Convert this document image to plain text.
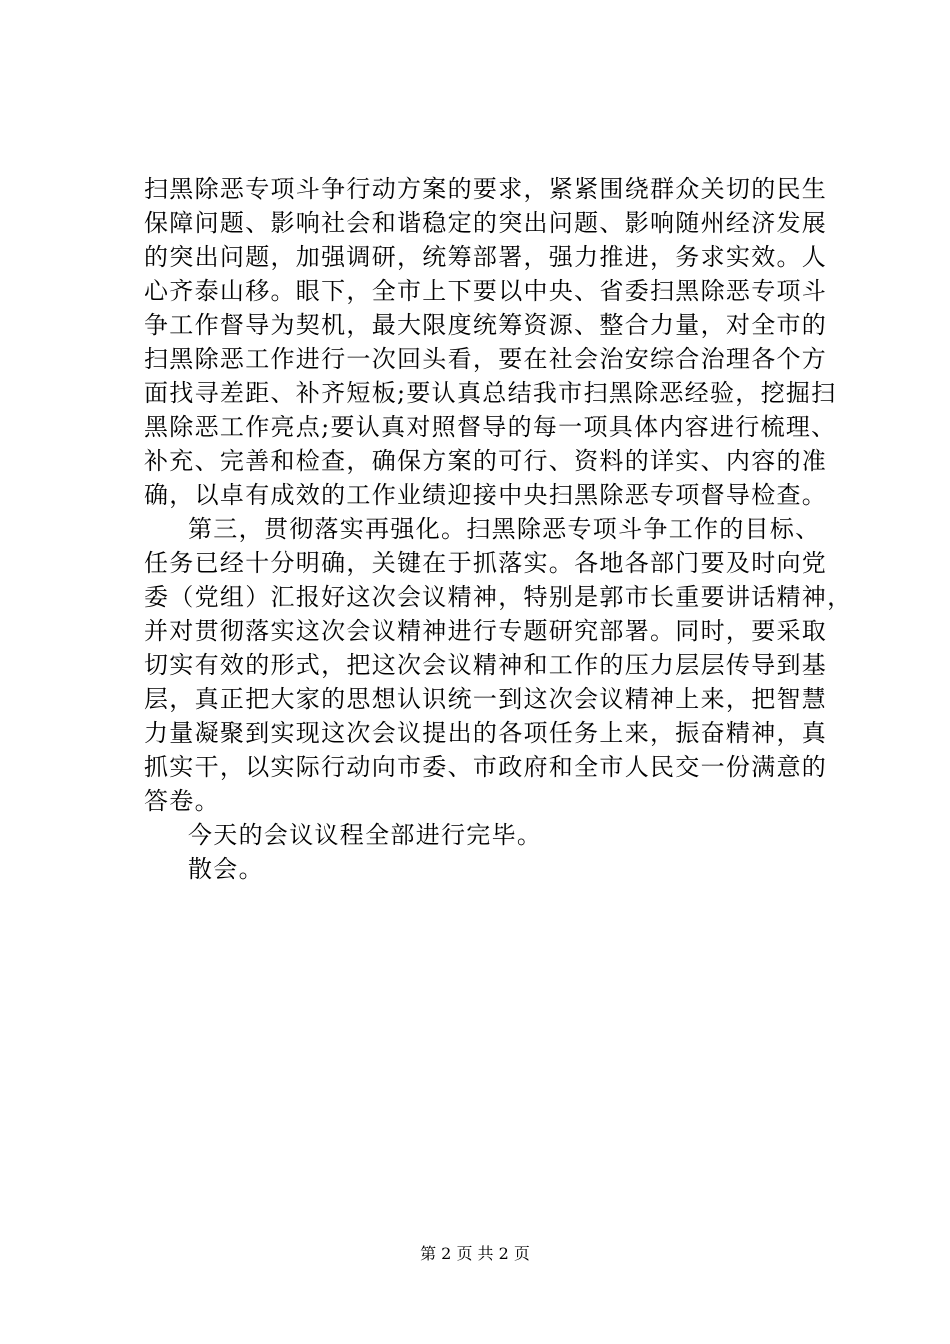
扫黑除恶专项斗争行动方案的要求，紧紧围绕群众关切的民生
保障问题、影响社会和谐稳定的突出问题、影响随州经济发展
的突出问题，加强调研，统筹部署，强力推进，务求实效。人
心齐泰山移。眼下，全市上下要以中央、省委扫黑除恶专项斗
争工作督导为契机，最大限度统筹资源、整合力量，对全市的
扫黑除恶工作进行一次回头看，要在社会治安综合治理各个方
面找寻差距、补齐短板;要认真总结我市扫黑除恶经验，挖掘扫
黑除恶工作亮点;要认真对照督导的每一项具体内容进行梳理、
补充、完善和检查，确保方案的可行、资料的详实、内容的准
确，以卓有成效的工作业绩迎接中央扫黑除恶专项督导检查。
第三，贯彻落实再强化。扫黑除恶专项斗争工作的目标、
任务已经十分明确，关键在于抓落实。各地各部门要及时向党
委（党组）汇报好这次会议精神，特别是郭市长重要讲话精神，
并对贯彻落实这次会议精神进行专题研究部署。同时，要采取
切实有效的形式，把这次会议精神和工作的压力层层传导到基
层，真正把大家的思想认识统一到这次会议精神上来，把智慧
力量凝聚到实现这次会议提出的各项任务上来，振奋精神，真
抓实干，以实际行动向市委、市政府和全市人民交一份满意的
答卷。
今天的会议议程全部进行完毕。
散会。
第 2 页 共 2 页
